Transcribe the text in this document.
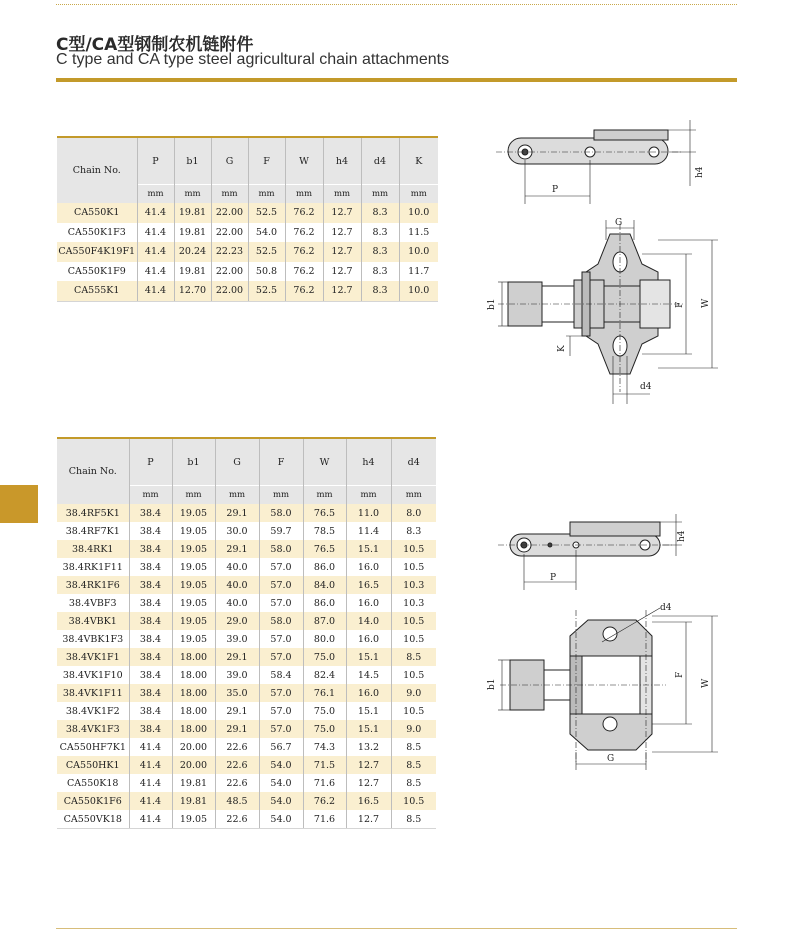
C型/CA型钢制农机链附件
C type and CA type steel agricultural chain attachments
Chain No.	P	b1	G	F	W	h4	d4	K
	mm	mm	mm	mm	mm	mm	mm	mm
CA550K1	41.4	19.81	22.00	52.5	76.2	12.7	8.3	10.0
CA550K1F3	41.4	19.81	22.00	54.0	76.2	12.7	8.3	11.5
CA550F4K19F1	41.4	20.24	22.23	52.5	76.2	12.7	8.3	10.0
CA550K1F9	41.4	19.81	22.00	50.8	76.2	12.7	8.3	11.7
CA555K1	41.4	12.70	22.00	52.5	76.2	12.7	8.3	10.0
Chain No.	P	b1	G	F	W	h4	d4
	mm	mm	mm	mm	mm	mm	mm
38.4RF5K1	38.4	19.05	29.1	58.0	76.5	11.0	8.0
38.4RF7K1	38.4	19.05	30.0	59.7	78.5	11.4	8.3
38.4RK1	38.4	19.05	29.1	58.0	76.5	15.1	10.5
38.4RK1F11	38.4	19.05	40.0	57.0	86.0	16.0	10.5
38.4RK1F6	38.4	19.05	40.0	57.0	84.0	16.5	10.3
38.4VBF3	38.4	19.05	40.0	57.0	86.0	16.0	10.3
38.4VBK1	38.4	19.05	29.0	58.0	87.0	14.0	10.5
38.4VBK1F3	38.4	19.05	39.0	57.0	80.0	16.0	10.5
38.4VK1F1	38.4	18.00	29.1	57.0	75.0	15.1	8.5
38.4VK1F10	38.4	18.00	39.0	58.4	82.4	14.5	10.5
38.4VK1F11	38.4	18.00	35.0	57.0	76.1	16.0	9.0
38.4VK1F2	38.4	18.00	29.1	57.0	75.0	15.1	10.5
38.4VK1F3	38.4	18.00	29.1	57.0	75.0	15.1	9.0
CA550HF7K1	41.4	20.00	22.6	56.7	74.3	13.2	8.5
CA550HK1	41.4	20.00	22.6	54.0	71.5	12.7	8.5
CA550K18	41.4	19.81	22.6	54.0	71.6	12.7	8.5
CA550K1F6	41.4	19.81	48.5	54.0	76.2	16.5	10.5
CA550VK18	41.4	19.05	22.6	54.0	71.6	12.7	8.5
P
h4
G
b1	F W
K
d4
P
h4
d4
b1
F
W
G
